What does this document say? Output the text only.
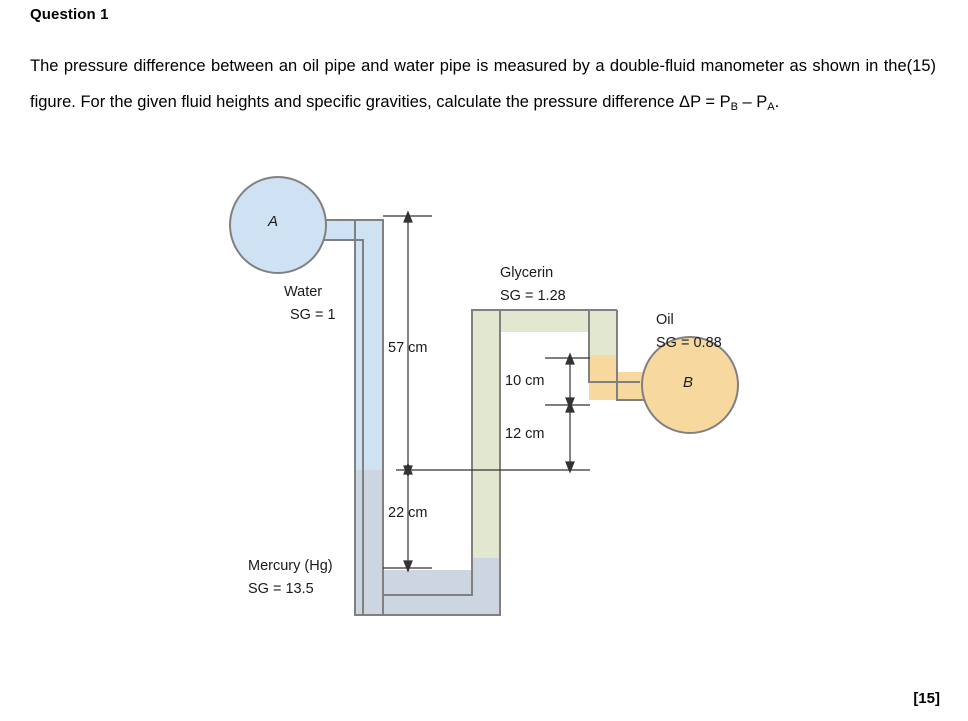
Question 1
(15)
The pressure difference between an oil pipe and water pipe is measured by a double-fluid manometer as shown in the figure. For the given fluid heights and specific gravities, calculate the pressure difference $\Delta P = P_B - P_A$.
A
B
Water
SG = 1
Glycerin
SG = 1.28
Oil
SG = 0.88
Mercury (Hg)
SG = 13.5
57 cm
10 cm
12 cm
22 cm
[15]
